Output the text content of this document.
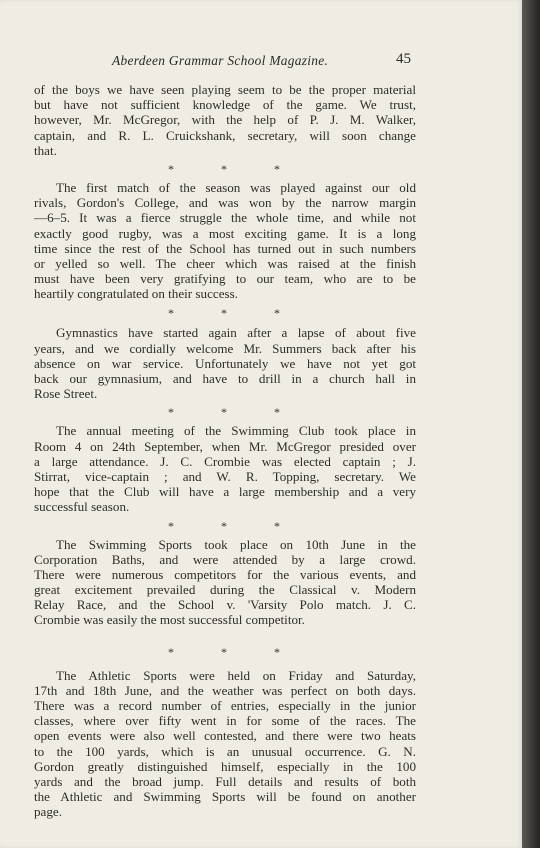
Aberdeen Grammar School Magazine.	45
of the boys we have seen playing seem to be the proper material
but have not sufficient knowledge of the game. We trust,
however, Mr. McGregor, with the help of P. J. M. Walker,
captain, and R. L. Cruickshank, secretary, will soon change
that.
* * *
The first match of the season was played against our old
rivals, Gordon's College, and was won by the narrow margin
—6–5. It was a fierce struggle the whole time, and while not
exactly good rugby, was a most exciting game. It is a long
time since the rest of the School has turned out in such numbers
or yelled so well. The cheer which was raised at the finish
must have been very gratifying to our team, who are to be
heartily congratulated on their success.
* * *
Gymnastics have started again after a lapse of about five
years, and we cordially welcome Mr. Summers back after his
absence on war service. Unfortunately we have not yet got
back our gymnasium, and have to drill in a church hall in
Rose Street.
* * *
The annual meeting of the Swimming Club took place in
Room 4 on 24th September, when Mr. McGregor presided over
a large attendance. J. C. Crombie was elected captain ; J.
Stirrat, vice-captain ; and W. R. Topping, secretary. We
hope that the Club will have a large membership and a very
successful season.
* * *
The Swimming Sports took place on 10th June in the
Corporation Baths, and were attended by a large crowd.
There were numerous competitors for the various events, and
great excitement prevailed during the Classical v. Modern
Relay Race, and the School v. 'Varsity Polo match. J. C.
Crombie was easily the most successful competitor.
* * *
The Athletic Sports were held on Friday and Saturday,
17th and 18th June, and the weather was perfect on both days.
There was a record number of entries, especially in the junior
classes, where over fifty went in for some of the races. The
open events were also well contested, and there were two heats
to the 100 yards, which is an unusual occurrence. G. N.
Gordon greatly distinguished himself, especially in the 100
yards and the broad jump. Full details and results of both
the Athletic and Swimming Sports will be found on another
page.
